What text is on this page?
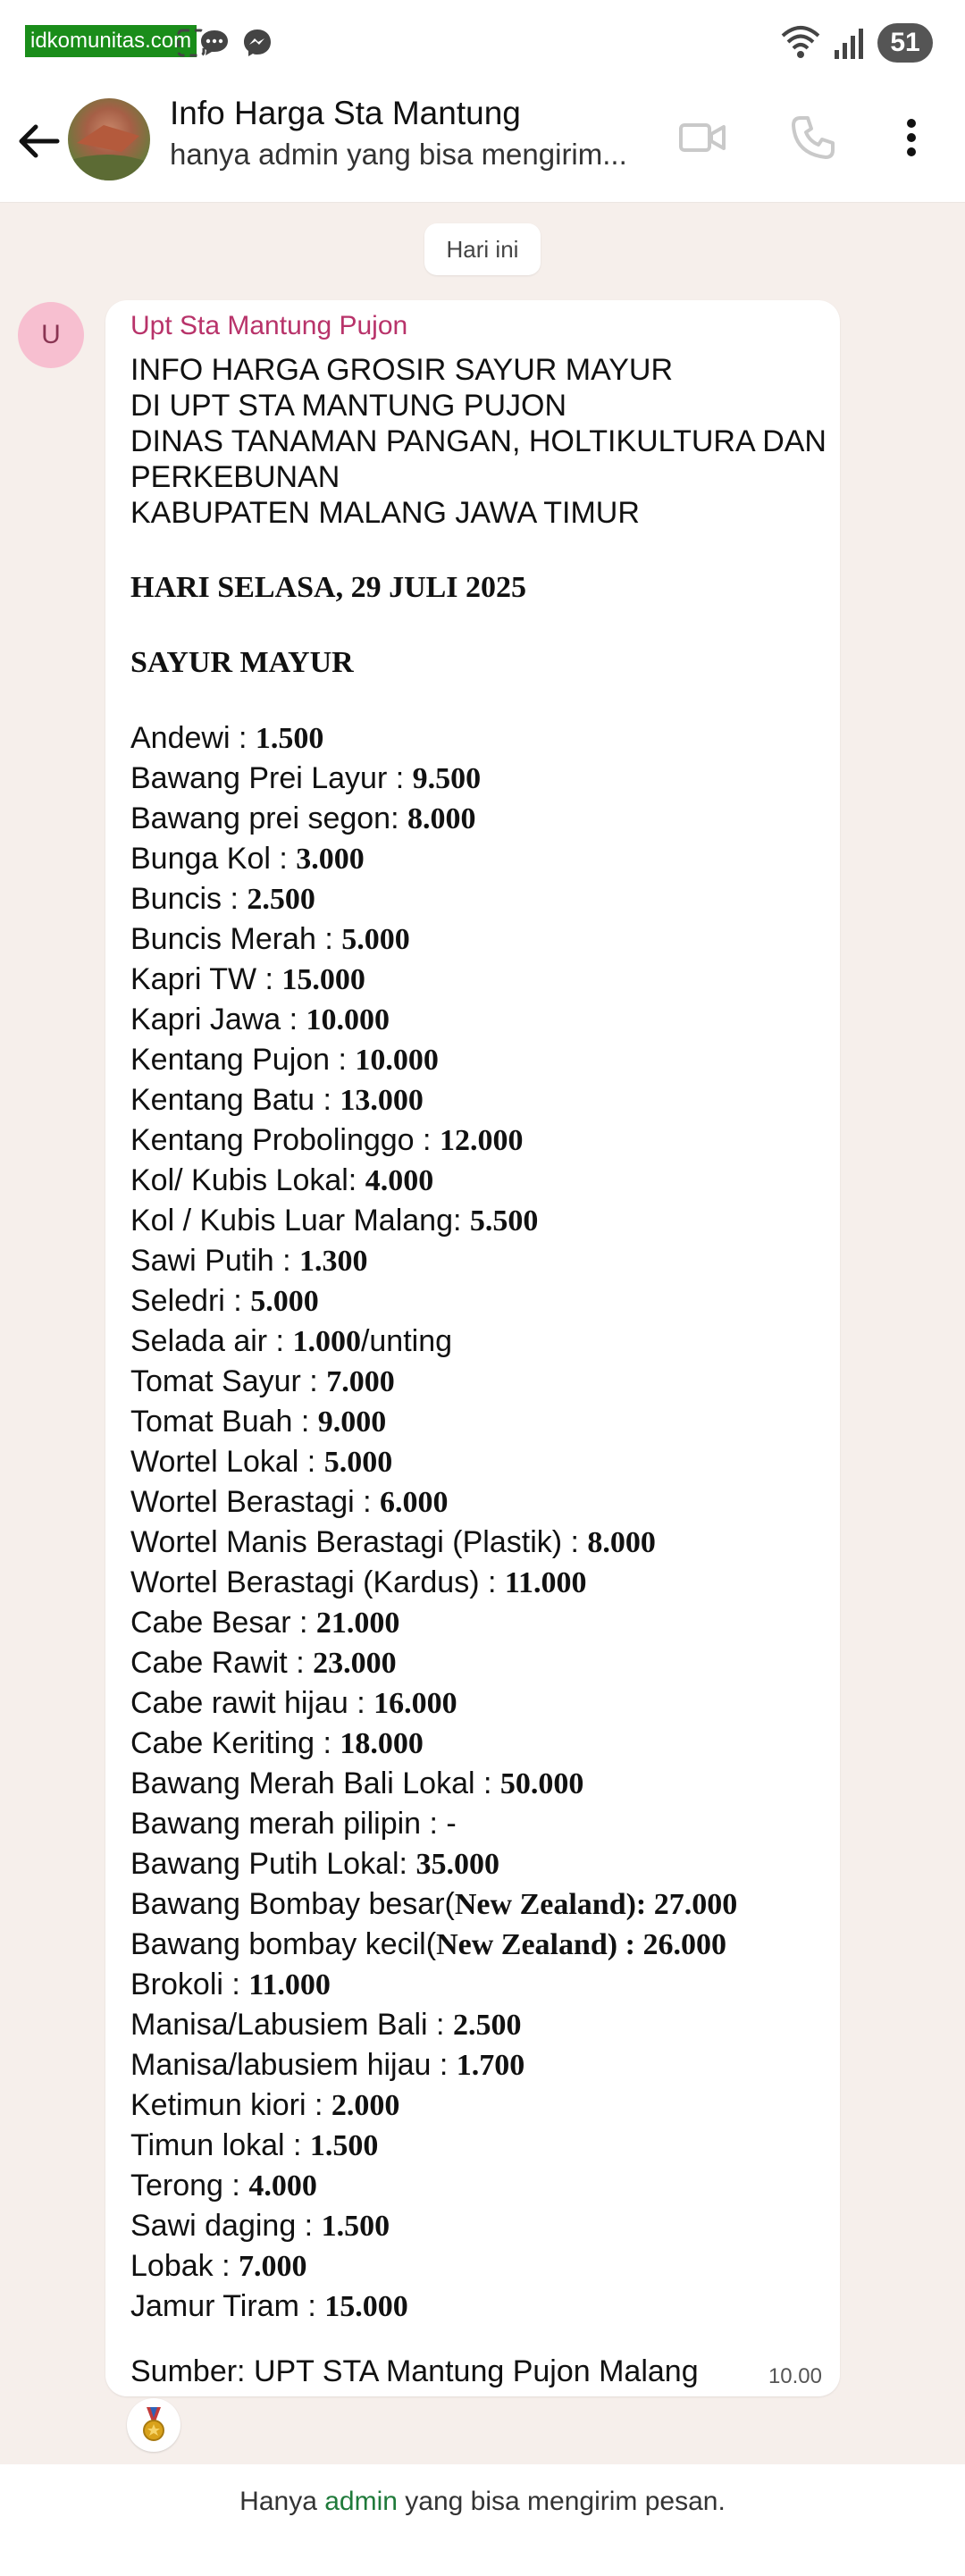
idkomunitas.com	51
Info Harga Sta Mantung
hanya admin yang bisa mengirim...
Hari ini
U	Upt Sta Mantung Pujon
INFO HARGA GROSIR SAYUR MAYUR
DI UPT STA MANTUNG PUJON
DINAS TANAMAN PANGAN, HOLTIKULTURA DAN
PERKEBUNAN
KABUPATEN MALANG JAWA TIMUR
HARI SELASA, 29 JULI 2025
SAYUR MAYUR
Andewi : 1.500
Bawang Prei Layur : 9.500
Bawang prei segon: 8.000
Bunga Kol : 3.000
Buncis : 2.500
Buncis Merah : 5.000
Kapri TW : 15.000
Kapri Jawa : 10.000
Kentang Pujon : 10.000
Kentang Batu : 13.000
Kentang Probolinggo : 12.000
Kol/ Kubis Lokal: 4.000
Kol / Kubis Luar Malang: 5.500
Sawi Putih : 1.300
Seledri : 5.000
Selada air : 1.000/unting
Tomat Sayur : 7.000
Tomat Buah : 9.000
Wortel Lokal : 5.000
Wortel Berastagi : 6.000
Wortel Manis Berastagi (Plastik) : 8.000
Wortel Berastagi (Kardus) : 11.000
Cabe Besar : 21.000
Cabe Rawit : 23.000
Cabe rawit hijau : 16.000
Cabe Keriting : 18.000
Bawang Merah Bali Lokal : 50.000
Bawang merah pilipin : -
Bawang Putih Lokal: 35.000
Bawang Bombay besar(New Zealand): 27.000
Bawang bombay kecil(New Zealand) : 26.000
Brokoli : 11.000
Manisa/Labusiem Bali : 2.500
Manisa/labusiem hijau : 1.700
Ketimun kiori : 2.000
Timun lokal : 1.500
Terong : 4.000
Sawi daging : 1.500
Lobak : 7.000
Jamur Tiram : 15.000
Sumber: UPT STA Mantung Pujon Malang	10.00
Hanya admin yang bisa mengirim pesan.
